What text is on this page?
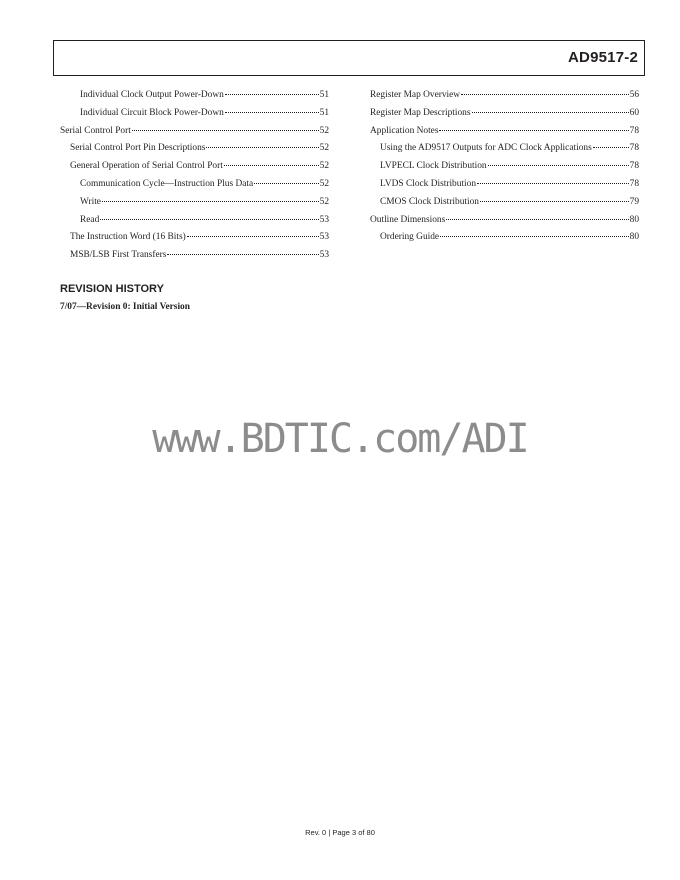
AD9517-2
Individual Clock Output Power-Down	51
Individual Circuit Block Power-Down	51
Serial Control Port	52
Serial Control Port Pin Descriptions	52
General Operation of Serial Control Port	52
Communication Cycle—Instruction Plus Data	52
Write	52
Read	53
The Instruction Word (16 Bits)	53
MSB/LSB First Transfers	53
Register Map Overview	56
Register Map Descriptions	60
Application Notes	78
Using the AD9517 Outputs for ADC Clock Applications	78
LVPECL Clock Distribution	78
LVDS Clock Distribution	78
CMOS Clock Distribution	79
Outline Dimensions	80
Ordering Guide	80
REVISION HISTORY
7/07—Revision 0: Initial Version
www.BDTIC.com/ADI
Rev. 0 | Page 3 of 80
